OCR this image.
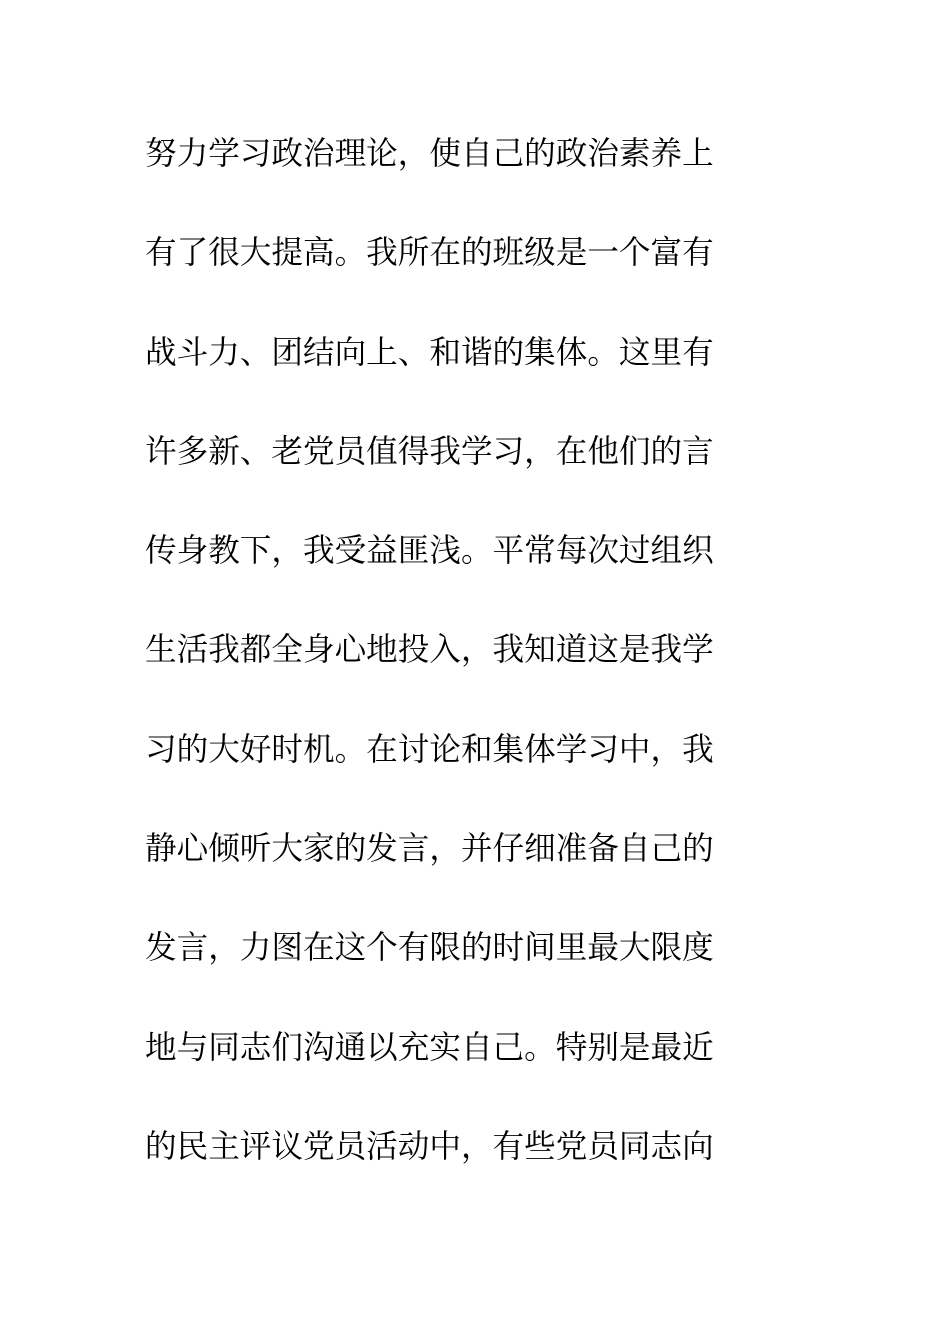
努力学习政治理论，使自己的政治素养上
有了很大提高。我所在的班级是一个富有
战斗力、团结向上、和谐的集体。这里有
许多新、老党员值得我学习，在他们的言
传身教下，我受益匪浅。平常每次过组织
生活我都全身心地投入，我知道这是我学
习的大好时机。在讨论和集体学习中，我
静心倾听大家的发言，并仔细准备自己的
发言，力图在这个有限的时间里最大限度
地与同志们沟通以充实自己。特别是最近
的民主评议党员活动中，有些党员同志向
